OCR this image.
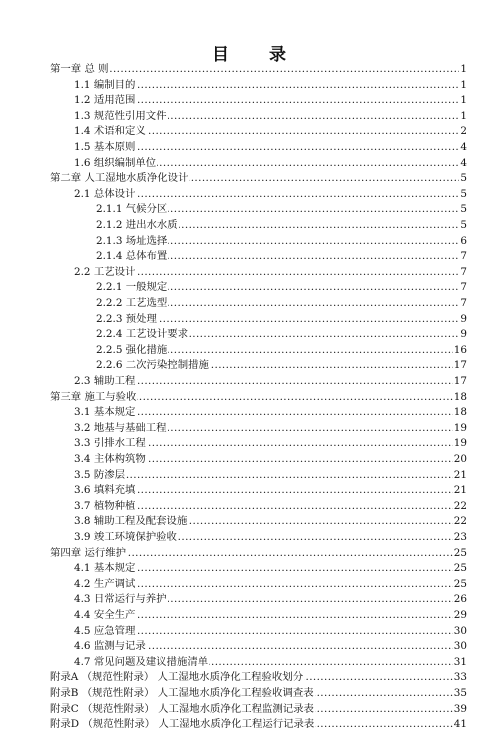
目　　录
.....
第一章 总 则	1
.....
1.1 编制目的	1
.....
1.2 适用范围	1
.....
1.3 规范性引用文件	1
.....
1.4 术语和定义	2
.....
1.5 基本原则	4
.....
1.6 组织编制单位	4
.....
第二章 人工湿地水质净化设计	5
.....
2.1 总体设计	5
.....
2.1.1 气候分区	5
.....
2.1.2 进出水水质	5
.....
2.1.3 场址选择	6
.....
2.1.4 总体布置	7
.....
2.2 工艺设计	7
.....
2.2.1 一般规定	7
.....
2.2.2 工艺选型	7
.....
2.2.3 预处理	9
.....
2.2.4 工艺设计要求	9
.....
2.2.5 强化措施	16
.....
2.2.6 二次污染控制措施	17
.....
2.3 辅助工程	17
.....
第三章 施工与验收	18
.....
3.1 基本规定	18
.....
3.2 地基与基础工程	19
.....
3.3 引排水工程	19
.....
3.4 主体构筑物	20
.....
3.5 防渗层	21
.....
3.6 填料充填	21
.....
3.7 植物种植	22
.....
3.8 辅助工程及配套设施	22
.....
3.9 竣工环境保护验收	23
.....
第四章 运行维护	25
.....
4.1 基本规定	25
.....
4.2 生产调试	25
.....
4.3 日常运行与养护	26
.....
4.4 安全生产	29
.....
4.5 应急管理	30
.....
4.6 监测与记录	30
.....
4.7 常见问题及建议措施清单	31
.....
附录A （规范性附录） 人工湿地水质净化工程验收划分	33
.....
附录B （规范性附录） 人工湿地水质净化工程验收调查表	35
.....
附录C （规范性附录） 人工湿地水质净化工程监测记录表	39
.....
附录D （规范性附录） 人工湿地水质净化工程运行记录表	41
